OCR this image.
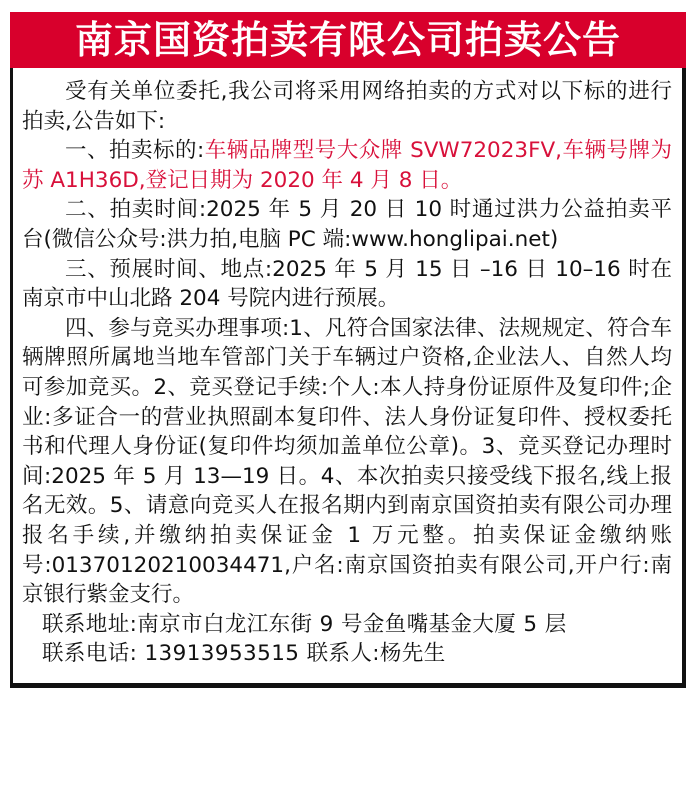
南京国资拍卖有限公司拍卖公告

受有关单位委托,我公司将采用网络拍卖的方式对以下标的进行拍卖,公告如下:

一、拍卖标的:车辆品牌型号大众牌 SVW72023FV,车辆号牌为苏 A1H36D,登记日期为 2020 年 4 月 8 日。

二、拍卖时间:2025 年 5 月 20 日 10 时通过洪力公益拍卖平台(微信公众号:洪力拍,电脑 PC 端:www.honglipai.net)

三、预展时间、地点:2025 年 5 月 15 日 –16 日 10–16 时在南京市中山北路 204 号院内进行预展。

四、参与竞买办理事项:1、凡符合国家法律、法规规定、符合车辆牌照所属地当地车管部门关于车辆过户资格,企业法人、自然人均可参加竞买。2、竞买登记手续:个人:本人持身份证原件及复印件;企业:多证合一的营业执照副本复印件、法人身份证复印件、授权委托书和代理人身份证(复印件均须加盖单位公章)。3、竞买登记办理时间:2025 年 5 月 13—19 日。4、本次拍卖只接受线下报名,线上报名无效。5、请意向竞买人在报名期内到南京国资拍卖有限公司办理报名手续,并缴纳拍卖保证金 1 万元整。拍卖保证金缴纳账号:01370120210034471,户名:南京国资拍卖有限公司,开户行:南京银行紫金支行。

联系地址:南京市白龙江东街 9 号金鱼嘴基金大厦 5 层

联系电话: 13913953515 联系人:杨先生
